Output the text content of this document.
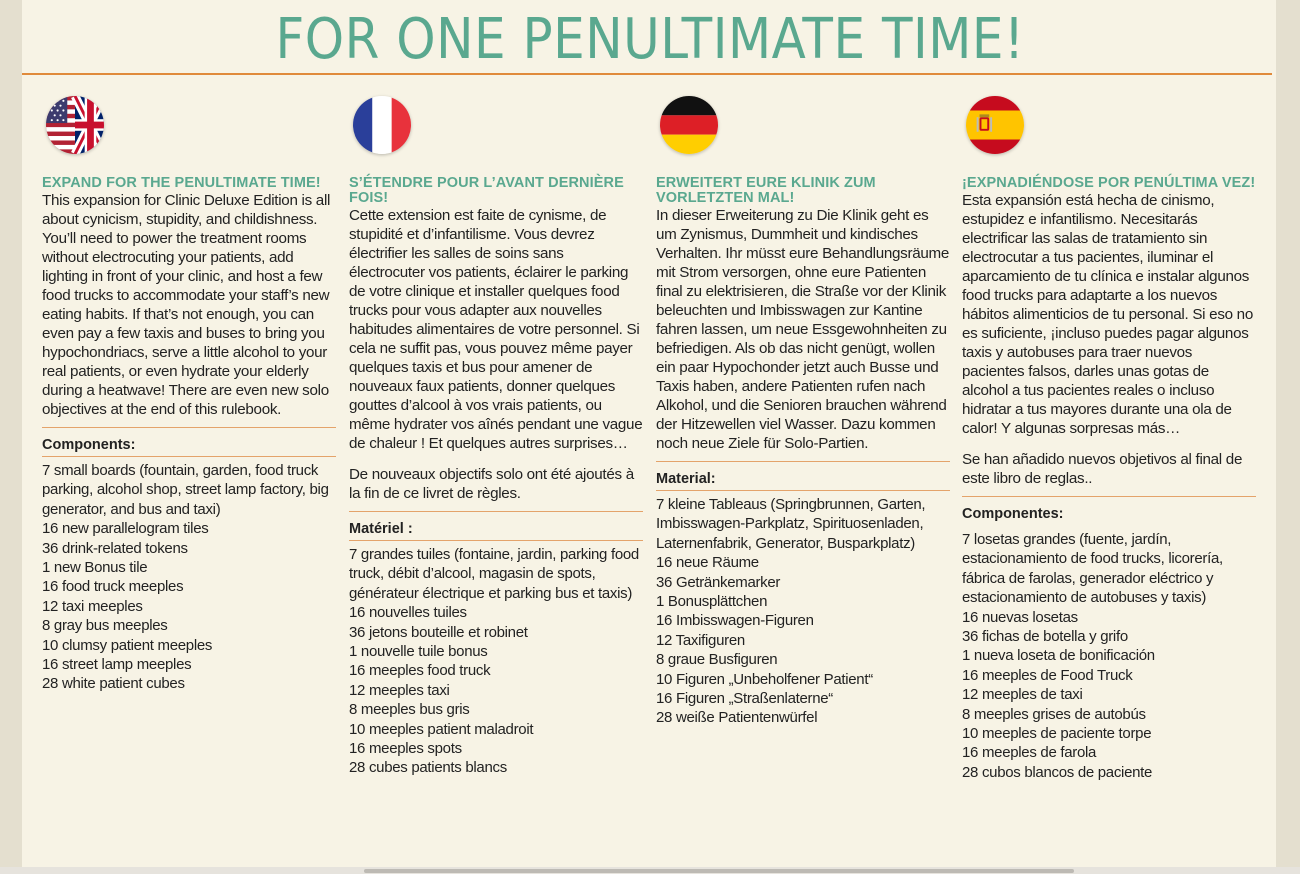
FOR ONE PENULTIMATE TIME!
EXPAND FOR THE PENULTIMATE TIME!

This expansion for Clinic Deluxe Edition is all about cynicism, stupidity, and childishness. You’ll need to power the treatment rooms without electrocuting your patients, add lighting in front of your clinic, and host a few food trucks to accommodate your staff’s new eating habits. If that’s not enough, you can even pay a few taxis and buses to bring you hypochondriacs, serve a little alcohol to your real patients, or even hydrate your elderly during a heatwave! There are even new solo objectives at the end of this rulebook.

Components:
7 small boards (fountain, garden, food truck parking, alcohol shop, street lamp factory, big generator, and bus and taxi)
16 new parallelogram tiles
36 drink-related tokens
1 new Bonus tile
16 food truck meeples
12 taxi meeples
8 gray bus meeples
10 clumsy patient meeples
16 street lamp meeples
28 white patient cubes
S’ÉTENDRE POUR L’AVANT DERNIÈRE FOIS!

Cette extension est faite de cynisme, de stupidité et d’infantilisme. Vous devrez électrifier les salles de soins sans électrocuter vos patients, éclairer le parking de votre clinique et installer quelques food trucks pour vous adapter aux nouvelles habitudes alimentaires de votre personnel. Si cela ne suffit pas, vous pouvez même payer quelques taxis et bus pour amener de nouveaux faux patients, donner quelques gouttes d’alcool à vos vrais patients, ou même hydrater vos aînés pendant une vague de chaleur ! Et quelques autres surprises…

De nouveaux objectifs solo ont été ajoutés à la fin de ce livret de règles.

Matériel :
7 grandes tuiles (fontaine, jardin, parking food truck, débit d’alcool, magasin de spots, générateur électrique et parking bus et taxis)
16 nouvelles tuiles
36 jetons bouteille et robinet
1 nouvelle tuile bonus
16 meeples food truck
12 meeples taxi
8 meeples bus gris
10 meeples patient maladroit
16 meeples spots
28 cubes patients blancs
ERWEITERT EURE KLINIK ZUM VORLETZTEN MAL!

In dieser Erweiterung zu Die Klinik geht es um Zynismus, Dummheit und kindisches Verhalten. Ihr müsst eure Behandlungsräume mit Strom versorgen, ohne eure Patienten final zu elektrisieren, die Straße vor der Klinik beleuchten und Imbisswagen zur Kantine fahren lassen, um neue Essgewohnheiten zu befriedigen. Als ob das nicht genügt, wollen ein paar Hypochonder jetzt auch Busse und Taxis haben, andere Patienten rufen nach Alkohol, und die Senioren brauchen während der Hitzewellen viel Wasser. Dazu kommen noch neue Ziele für Solo-Partien.

Material:
7 kleine Tableaus (Springbrunnen, Garten, Imbisswagen-Parkplatz, Spirituosenladen, Laternenfabrik, Generator, Busparkplatz)
16 neue Räume
36 Getränkemarker
1 Bonusplättchen
16 Imbisswagen-Figuren
12 Taxifiguren
8 graue Busfiguren
10 Figuren „Unbeholfener Patient“
16 Figuren „Straßenlaterne“
28 weiße Patientenwürfel
¡EXPNADIÉNDOSE POR PENÚLTIMA VEZ!

Esta expansión está hecha de cinismo, estupidez e infantilismo. Necesitarás electrificar las salas de tratamiento sin electrocutar a tus pacientes, iluminar el aparcamiento de tu clínica e instalar algunos food trucks para adaptarte a los nuevos hábitos alimenticios de tu personal. Si eso no es suficiente, ¡incluso puedes pagar algunos taxis y autobuses para traer nuevos pacientes falsos, darles unas gotas de alcohol a tus pacientes reales o incluso hidratar a tus mayores durante una ola de calor! Y algunas sorpresas más…

Se han añadido nuevos objetivos al final de este libro de reglas..

Componentes:
7 losetas grandes (fuente, jardín, estacionamiento de food trucks, licorería, fábrica de farolas, generador eléctrico y estacionamiento de autobuses y taxis)
16 nuevas losetas
36 fichas de botella y grifo
1 nueva loseta de bonificación
16 meeples de Food Truck
12 meeples de taxi
8 meeples grises de autobús
10 meeples de paciente torpe
16 meeples de farola
28 cubos blancos de paciente
